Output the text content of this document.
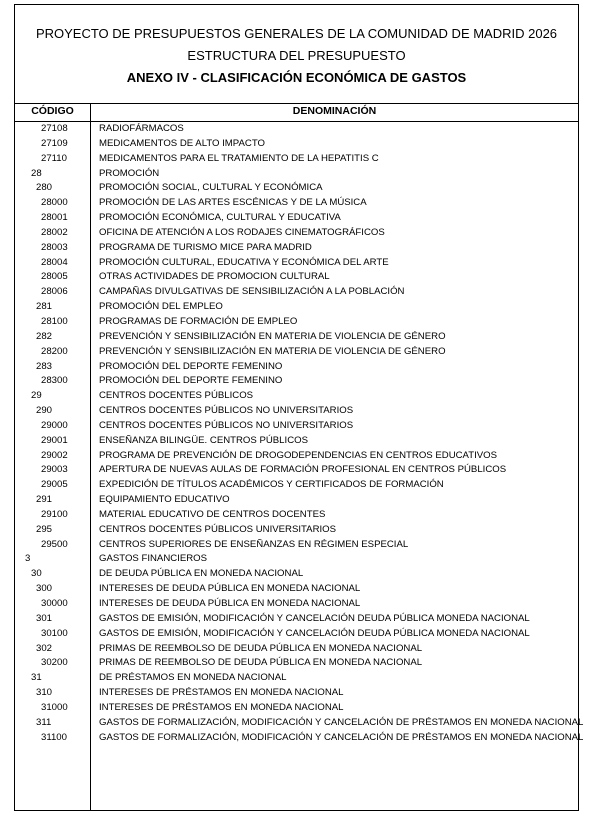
PROYECTO DE PRESUPUESTOS GENERALES DE LA COMUNIDAD DE MADRID 2026
ESTRUCTURA DEL PRESUPUESTO
ANEXO IV - CLASIFICACIÓN ECONÓMICA DE GASTOS
CÓDIGO	DENOMINACIÓN
27108	RADIOFÁRMACOS
27109	MEDICAMENTOS DE ALTO IMPACTO
27110	MEDICAMENTOS PARA EL TRATAMIENTO DE LA HEPATITIS C
28	PROMOCIÓN
280	PROMOCIÓN SOCIAL, CULTURAL Y ECONÓMICA
28000	PROMOCIÓN DE LAS ARTES ESCÉNICAS Y DE LA MÚSICA
28001	PROMOCIÓN ECONÓMICA, CULTURAL Y EDUCATIVA
28002	OFICINA DE ATENCIÓN A LOS RODAJES CINEMATOGRÁFICOS
28003	PROGRAMA DE TURISMO MICE PARA MADRID
28004	PROMOCIÓN CULTURAL, EDUCATIVA Y ECONÓMICA DEL ARTE
28005	OTRAS ACTIVIDADES DE PROMOCION CULTURAL
28006	CAMPAÑAS DIVULGATIVAS DE SENSIBILIZACIÓN A LA POBLACIÓN
281	PROMOCIÓN DEL EMPLEO
28100	PROGRAMAS DE FORMACIÓN DE EMPLEO
282	PREVENCIÓN Y SENSIBILIZACIÓN EN MATERIA DE VIOLENCIA DE GÉNERO
28200	PREVENCIÓN Y SENSIBILIZACIÓN EN MATERIA DE VIOLENCIA DE GÉNERO
283	PROMOCIÓN DEL DEPORTE FEMENINO
28300	PROMOCIÓN DEL DEPORTE FEMENINO
29	CENTROS DOCENTES PÚBLICOS
290	CENTROS DOCENTES PÚBLICOS NO UNIVERSITARIOS
29000	CENTROS DOCENTES PÚBLICOS NO UNIVERSITARIOS
29001	ENSEÑANZA BILINGÜE. CENTROS PÚBLICOS
29002	PROGRAMA DE PREVENCIÓN DE DROGODEPENDENCIAS EN CENTROS EDUCATIVOS
29003	APERTURA DE NUEVAS AULAS DE FORMACIÓN PROFESIONAL EN CENTROS PÚBLICOS
29005	EXPEDICIÓN DE TÍTULOS ACADÉMICOS Y CERTIFICADOS DE FORMACIÓN
291	EQUIPAMIENTO EDUCATIVO
29100	MATERIAL EDUCATIVO DE CENTROS DOCENTES
295	CENTROS DOCENTES PÚBLICOS UNIVERSITARIOS
29500	CENTROS SUPERIORES DE ENSEÑANZAS EN RÉGIMEN ESPECIAL
3	GASTOS FINANCIEROS
30	DE DEUDA PÚBLICA EN MONEDA NACIONAL
300	INTERESES DE DEUDA PÚBLICA EN MONEDA NACIONAL
30000	INTERESES DE DEUDA PÚBLICA EN MONEDA NACIONAL
301	GASTOS DE EMISIÓN, MODIFICACIÓN Y CANCELACIÓN DEUDA PÚBLICA MONEDA NACIONAL
30100	GASTOS DE EMISIÓN, MODIFICACIÓN Y CANCELACIÓN DEUDA PÚBLICA MONEDA NACIONAL
302	PRIMAS DE REEMBOLSO DE DEUDA PÚBLICA EN MONEDA NACIONAL
30200	PRIMAS DE REEMBOLSO DE DEUDA PÚBLICA EN MONEDA NACIONAL
31	DE PRÉSTAMOS EN MONEDA NACIONAL
310	INTERESES DE PRÉSTAMOS EN MONEDA NACIONAL
31000	INTERESES DE PRÉSTAMOS EN MONEDA NACIONAL
311	GASTOS DE FORMALIZACIÓN, MODIFICACIÓN Y CANCELACIÓN DE PRÉSTAMOS EN MONEDA NACIONAL
31100	GASTOS DE FORMALIZACIÓN, MODIFICACIÓN Y CANCELACIÓN DE PRÉSTAMOS EN MONEDA NACIONAL
